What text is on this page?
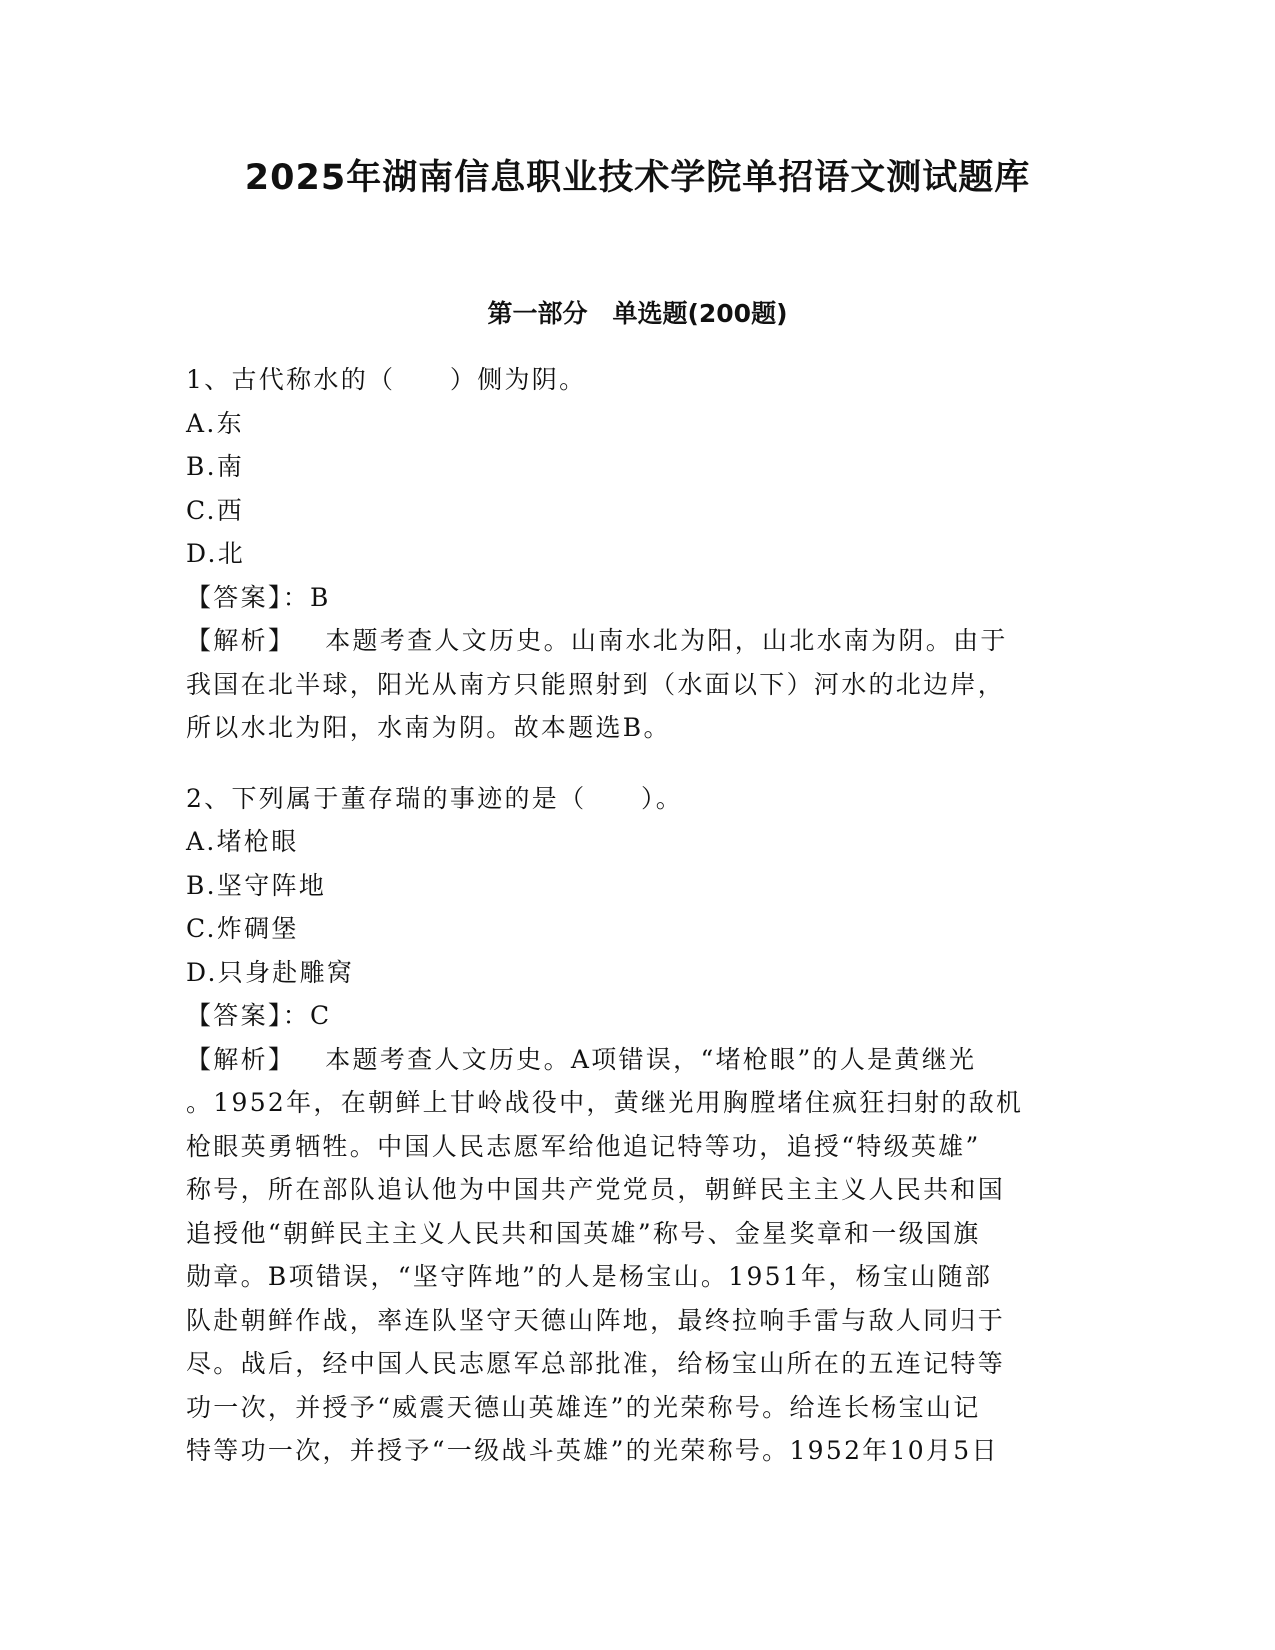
2025年湖南信息职业技术学院单招语文测试题库
第一部分　单选题(200题)

1、古代称水的（　　）侧为阴。

A.东

B.南

C.西

D.北

【答案】：B

【解析】 本题考查人文历史。山南水北为阳，山北水南为阴。由于

我国在北半球，阳光从南方只能照射到（水面以下）河水的北边岸，

所以水北为阳，水南为阴。故本题选B。

2、下列属于董存瑞的事迹的是（　　）。

A.堵枪眼

B.坚守阵地

C.炸碉堡

D.只身赴雕窝

【答案】：C

【解析】 本题考查人文历史。A项错误，“堵枪眼”的人是黄继光

。1952年，在朝鲜上甘岭战役中，黄继光用胸膛堵住疯狂扫射的敌机

枪眼英勇牺牲。中国人民志愿军给他追记特等功，追授“特级英雄”

称号，所在部队追认他为中国共产党党员，朝鲜民主主义人民共和国

追授他“朝鲜民主主义人民共和国英雄”称号、金星奖章和一级国旗

勋章。B项错误，“坚守阵地”的人是杨宝山。1951年，杨宝山随部

队赴朝鲜作战，率连队坚守天德山阵地，最终拉响手雷与敌人同归于

尽。战后，经中国人民志愿军总部批准，给杨宝山所在的五连记特等

功一次，并授予“威震天德山英雄连”的光荣称号。给连长杨宝山记

特等功一次，并授予“一级战斗英雄”的光荣称号。1952年10月5日
